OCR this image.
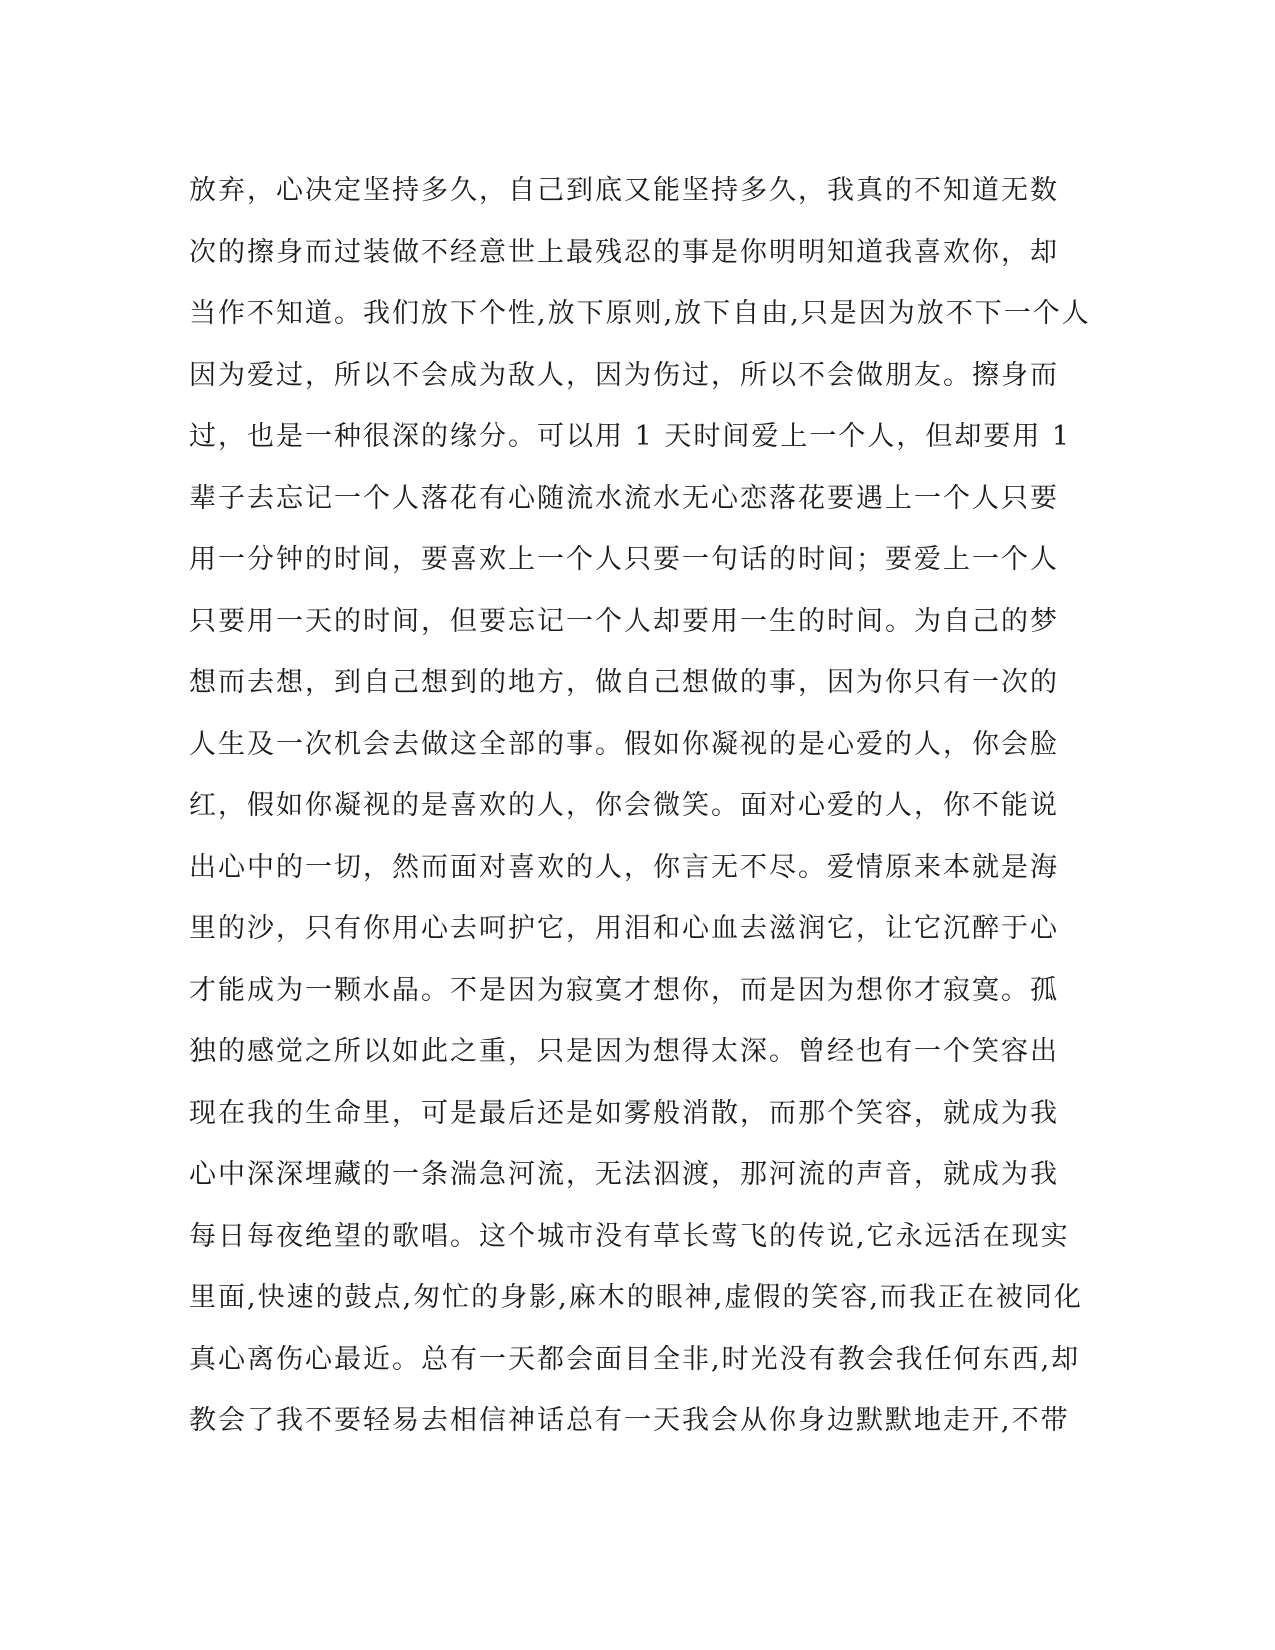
放弃，心决定坚持多久，自己到底又能坚持多久，我真的不知道无数
次的擦身而过装做不经意世上最残忍的事是你明明知道我喜欢你，却
当作不知道。我们放下个性,放下原则,放下自由,只是因为放不下一个人
因为爱过，所以不会成为敌人，因为伤过，所以不会做朋友。擦身而
过，也是一种很深的缘分。可以用 1 天时间爱上一个人，但却要用 1
辈子去忘记一个人落花有心随流水流水无心恋落花要遇上一个人只要
用一分钟的时间，要喜欢上一个人只要一句话的时间；要爱上一个人
只要用一天的时间，但要忘记一个人却要用一生的时间。为自己的梦
想而去想，到自己想到的地方，做自己想做的事，因为你只有一次的
人生及一次机会去做这全部的事。假如你凝视的是心爱的人，你会脸
红，假如你凝视的是喜欢的人，你会微笑。面对心爱的人，你不能说
出心中的一切，然而面对喜欢的人，你言无不尽。爱情原来本就是海
里的沙，只有你用心去呵护它，用泪和心血去滋润它，让它沉醉于心
才能成为一颗水晶。不是因为寂寞才想你，而是因为想你才寂寞。孤
独的感觉之所以如此之重，只是因为想得太深。曾经也有一个笑容出
现在我的生命里，可是最后还是如雾般消散，而那个笑容，就成为我
心中深深埋藏的一条湍急河流，无法泅渡，那河流的声音，就成为我
每日每夜绝望的歌唱。这个城市没有草长莺飞的传说,它永远活在现实
里面,快速的鼓点,匆忙的身影,麻木的眼神,虚假的笑容,而我正在被同化
真心离伤心最近。总有一天都会面目全非,时光没有教会我任何东西,却
教会了我不要轻易去相信神话总有一天我会从你身边默默地走开,不带
